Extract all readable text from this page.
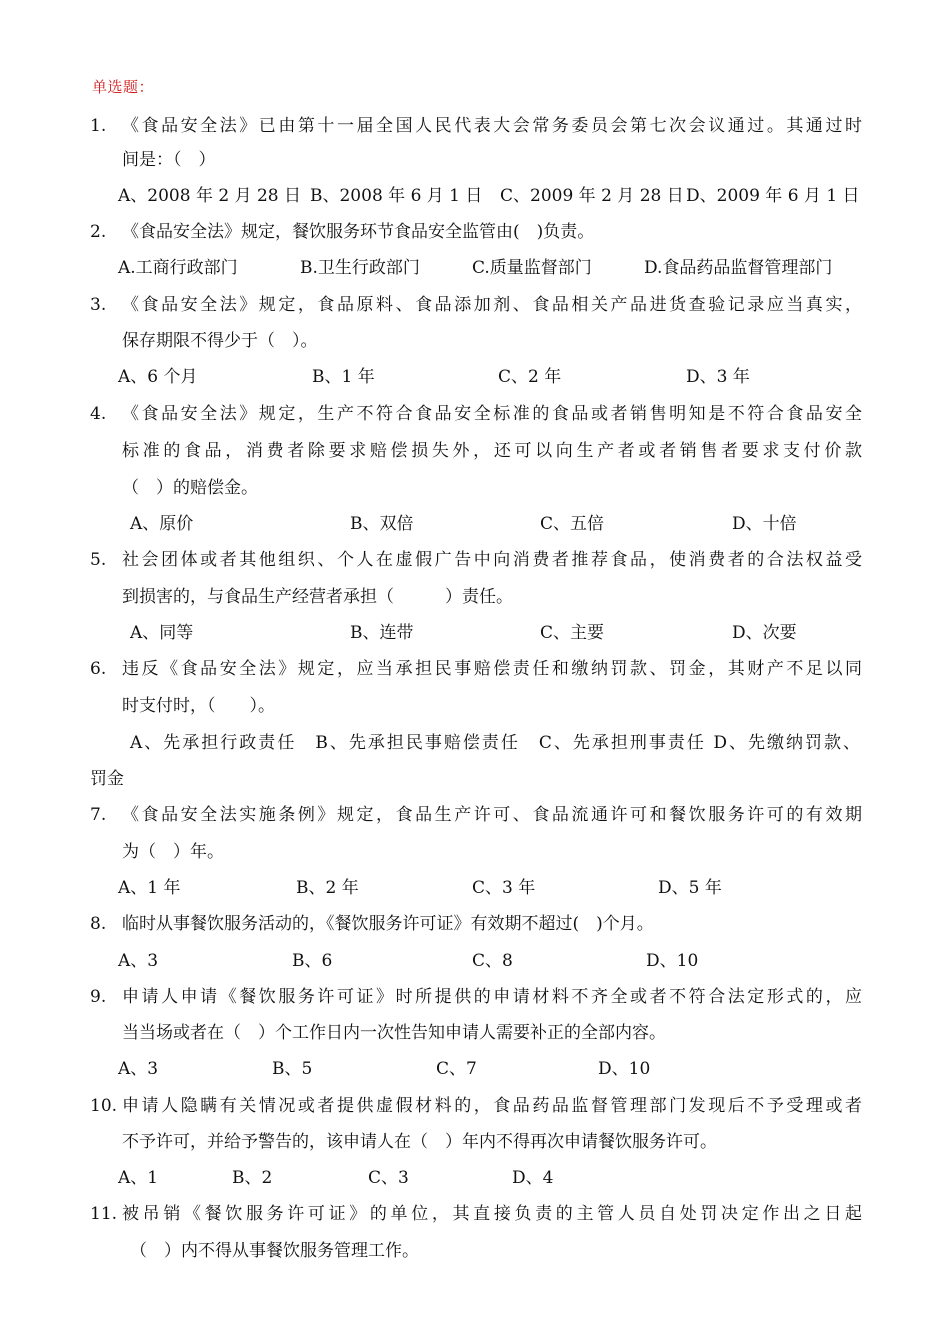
单选题：
1. 《食品安全法》已由第十一届全国人民代表大会常务委员会第七次会议通过。其通过时
间是：（　）
A、2008 年 2 月 28 日 B、2008 年 6 月 1 日 C、2009 年 2 月 28 日 D、2009 年 6 月 1 日
2. 《食品安全法》规定，餐饮服务环节食品安全监管由(　)负责。
A.工商行政部门	B.卫生行政部门	C.质量监督部门	D.食品药品监督管理部门
3. 《食品安全法》规定，食品原料、食品添加剂、食品相关产品进货查验记录应当真实，
保存期限不得少于（　）。
A、6 个月	B、1 年	C、2 年	D、3 年
4. 《食品安全法》规定，生产不符合食品安全标准的食品或者销售明知是不符合食品安全
标准的食品，消费者除要求赔偿损失外，还可以向生产者或者销售者要求支付价款
（　）的赔偿金。
A、原价	B、双倍	C、五倍	D、十倍
5. 社会团体或者其他组织、个人在虚假广告中向消费者推荐食品，使消费者的合法权益受
到损害的，与食品生产经营者承担（　　　）责任。
A、同等	B、连带	C、主要	D、次要
6. 违反《食品安全法》规定，应当承担民事赔偿责任和缴纳罚款、罚金，其财产不足以同
时支付时，（　　）。
A、先承担行政责任　B、先承担民事赔偿责任　C、先承担刑事责任 D、先缴纳罚款、
罚金
7. 《食品安全法实施条例》规定，食品生产许可、食品流通许可和餐饮服务许可的有效期
为（　）年。
A、1 年	B、2 年	C、3 年	D、5 年
8. 临时从事餐饮服务活动的，《餐饮服务许可证》有效期不超过(　)个月。
A、3	B、6	C、8	D、10
9. 申请人申请《餐饮服务许可证》时所提供的申请材料不齐全或者不符合法定形式的，应
当当场或者在（　）个工作日内一次性告知申请人需要补正的全部内容。
A、3	B、5	C、7	D、10
10. 申请人隐瞒有关情况或者提供虚假材料的，食品药品监督管理部门发现后不予受理或者
不予许可，并给予警告的，该申请人在（　）年内不得再次申请餐饮服务许可。
A、1	B、2	C、3	D、4
11. 被吊销《餐饮服务许可证》的单位，其直接负责的主管人员自处罚决定作出之日起
（　）内不得从事餐饮服务管理工作。
